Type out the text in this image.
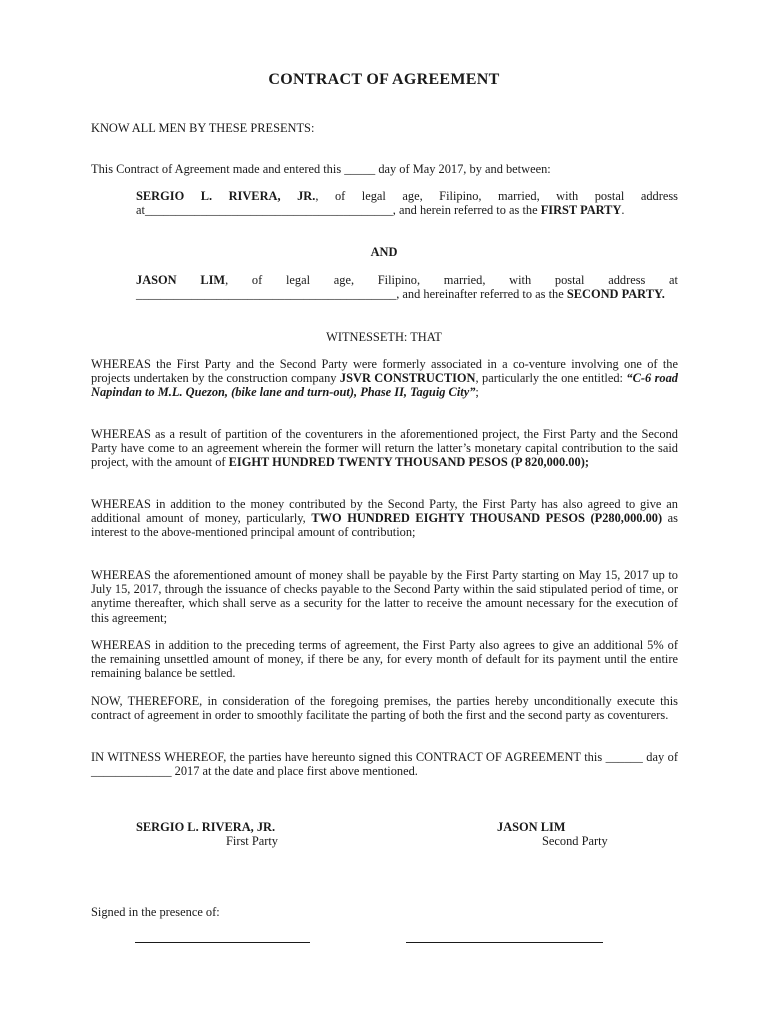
CONTRACT OF AGREEMENT
KNOW ALL MEN BY THESE PRESENTS:
This Contract of Agreement made and entered this _____ day of May 2017, by and between:
SERGIO L. RIVERA, JR., of legal age, Filipino, married, with postal address at________________________________________, and herein referred to as the FIRST PARTY.
AND
JASON LIM, of legal age, Filipino, married, with postal address at __________________________________________, and hereinafter referred to as the SECOND PARTY.
WITNESSETH: THAT
WHEREAS the First Party and the Second Party were formerly associated in a co-venture involving one of the projects undertaken by the construction company JSVR CONSTRUCTION, particularly the one entitled: “C-6 road Napindan to M.L. Quezon, (bike lane and turn-out), Phase II, Taguig City”;
WHEREAS as a result of partition of the coventurers in the aforementioned project, the First Party and the Second Party have come to an agreement wherein the former will return the latter’s monetary capital contribution to the said project, with the amount of EIGHT HUNDRED TWENTY THOUSAND PESOS (P 820,000.00);
WHEREAS in addition to the money contributed by the Second Party, the First Party has also agreed to give an additional amount of money, particularly, TWO HUNDRED EIGHTY THOUSAND PESOS (P280,000.00) as interest to the above-mentioned principal amount of contribution;
WHEREAS the aforementioned amount of money shall be payable by the First Party starting on May 15, 2017 up to July 15, 2017, through the issuance of checks payable to the Second Party within the said stipulated period of time, or anytime thereafter, which shall serve as a security for the latter to receive the amount necessary for the execution of this agreement;
WHEREAS in addition to the preceding terms of agreement, the First Party also agrees to give an additional 5% of the remaining unsettled amount of money, if there be any, for every month of default for its payment until the entire remaining balance be settled.
NOW, THEREFORE, in consideration of the foregoing premises, the parties hereby unconditionally execute this contract of agreement in order to smoothly facilitate the parting of both the first and the second party as coventurers.
IN WITNESS WHEREOF, the parties have hereunto signed this CONTRACT OF AGREEMENT this ______ day of _____________ 2017 at the date and place first above mentioned.
SERGIO L. RIVERA, JR.
First Party
JASON LIM
Second Party
Signed in the presence of:
